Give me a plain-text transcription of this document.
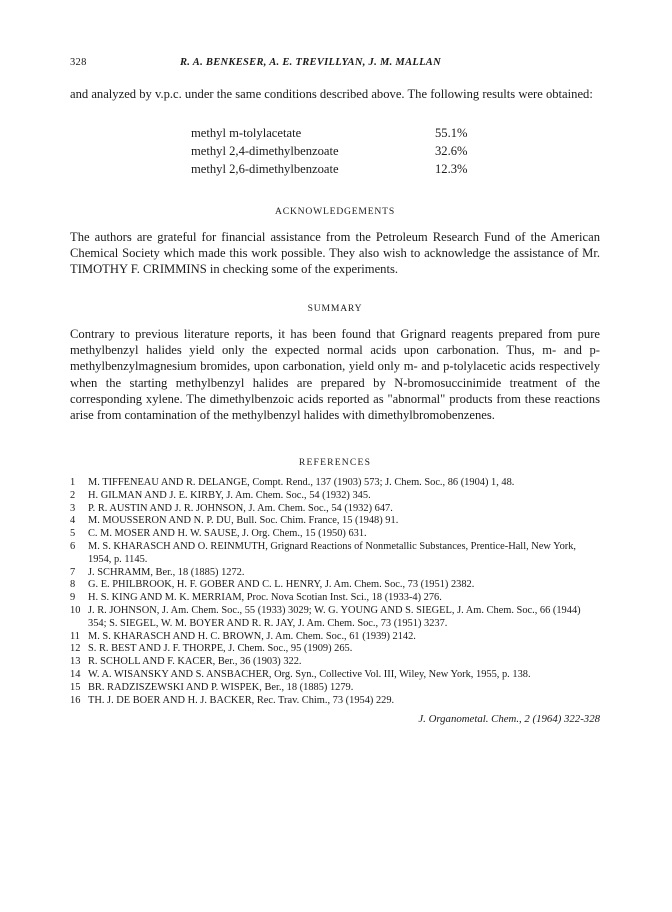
328	R. A. BENKESER, A. E. TREVILLYAN, J. M. MALLAN
and analyzed by v.p.c. under the same conditions described above. The following results were obtained:
methyl m-tolylacetate	55.1%
methyl 2,4-dimethylbenzoate	32.6%
methyl 2,6-dimethylbenzoate	12.3%
ACKNOWLEDGEMENTS
The authors are grateful for financial assistance from the Petroleum Research Fund of the American Chemical Society which made this work possible. They also wish to acknowledge the assistance of Mr. TIMOTHY F. CRIMMINS in checking some of the experiments.
SUMMARY
Contrary to previous literature reports, it has been found that Grignard reagents prepared from pure methylbenzyl halides yield only the expected normal acids upon carbonation. Thus, m- and p-methylbenzylmagnesium bromides, upon carbonation, yield only m- and p-tolylacetic acids respectively when the starting methylbenzyl halides are prepared by N-bromosuccinimide treatment of the corresponding xylene. The dimethylbenzoic acids reported as "abnormal" products from these reactions arise from contamination of the methylbenzyl halides with dimethylbromobenzenes.
REFERENCES
1	M. TIFFENEAU AND R. DELANGE, Compt. Rend., 137 (1903) 573; J. Chem. Soc., 86 (1904) 1, 48.
2	H. GILMAN AND J. E. KIRBY, J. Am. Chem. Soc., 54 (1932) 345.
3	P. R. AUSTIN AND J. R. JOHNSON, J. Am. Chem. Soc., 54 (1932) 647.
4	M. MOUSSERON AND N. P. DU, Bull. Soc. Chim. France, 15 (1948) 91.
5	C. M. MOSER AND H. W. SAUSE, J. Org. Chem., 15 (1950) 631.
6	M. S. KHARASCH AND O. REINMUTH, Grignard Reactions of Nonmetallic Substances, Prentice-Hall, New York, 1954, p. 1145.
7	J. SCHRAMM, Ber., 18 (1885) 1272.
8	G. E. PHILBROOK, H. F. GOBER AND C. L. HENRY, J. Am. Chem. Soc., 73 (1951) 2382.
9	H. S. KING AND M. K. MERRIAM, Proc. Nova Scotian Inst. Sci., 18 (1933-4) 276.
10 J. R. JOHNSON, J. Am. Chem. Soc., 55 (1933) 3029; W. G. YOUNG AND S. SIEGEL, J. Am. Chem. Soc., 66 (1944) 354; S. SIEGEL, W. M. BOYER AND R. R. JAY, J. Am. Chem. Soc., 73 (1951) 3237.
11 M. S. KHARASCH AND H. C. BROWN, J. Am. Chem. Soc., 61 (1939) 2142.
12 S. R. BEST AND J. F. THORPE, J. Chem. Soc., 95 (1909) 265.
13 R. SCHOLL AND F. KACER, Ber., 36 (1903) 322.
14 W. A. WISANSKY AND S. ANSBACHER, Org. Syn., Collective Vol. III, Wiley, New York, 1955, p. 138.
15 BR. RADZISZEWSKI AND P. WISPEK, Ber., 18 (1885) 1279.
16 TH. J. DE BOER AND H. J. BACKER, Rec. Trav. Chim., 73 (1954) 229.
J. Organometal. Chem., 2 (1964) 322-328
